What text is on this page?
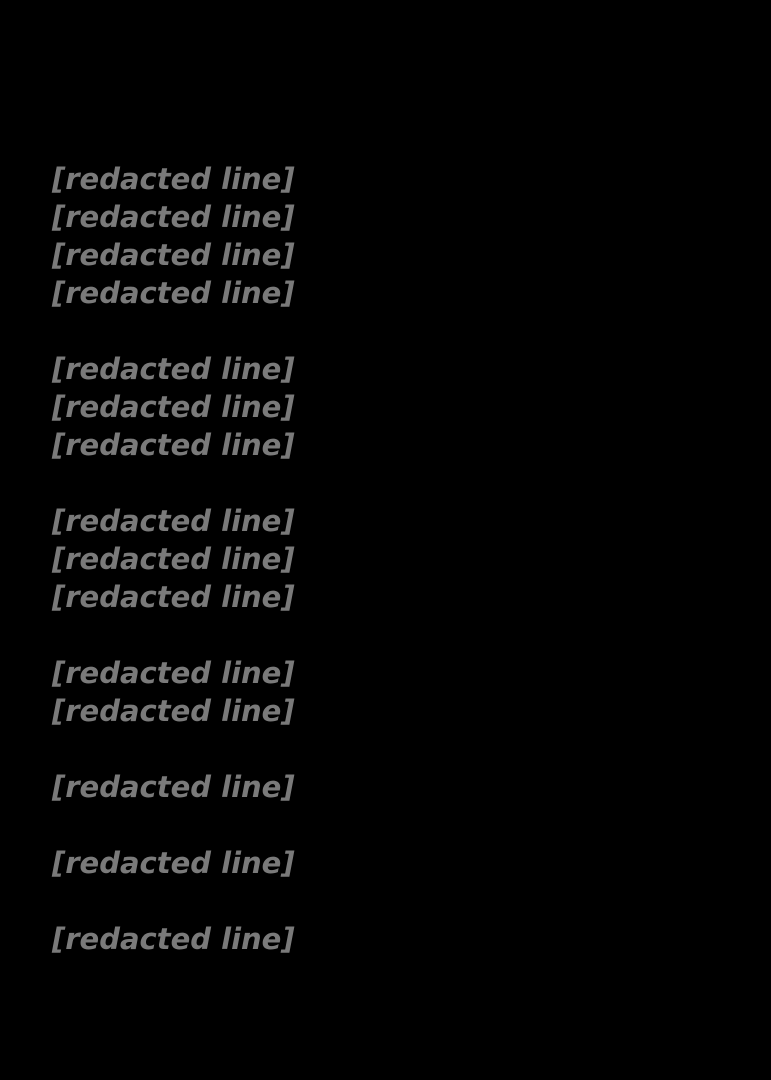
[redacted line]
[redacted line]
[redacted line]
[redacted line]
[redacted line]
[redacted line]
[redacted line]
[redacted line]
[redacted line]
[redacted line]
[redacted line]
[redacted line]
[redacted line]
[redacted line]
[redacted line]
